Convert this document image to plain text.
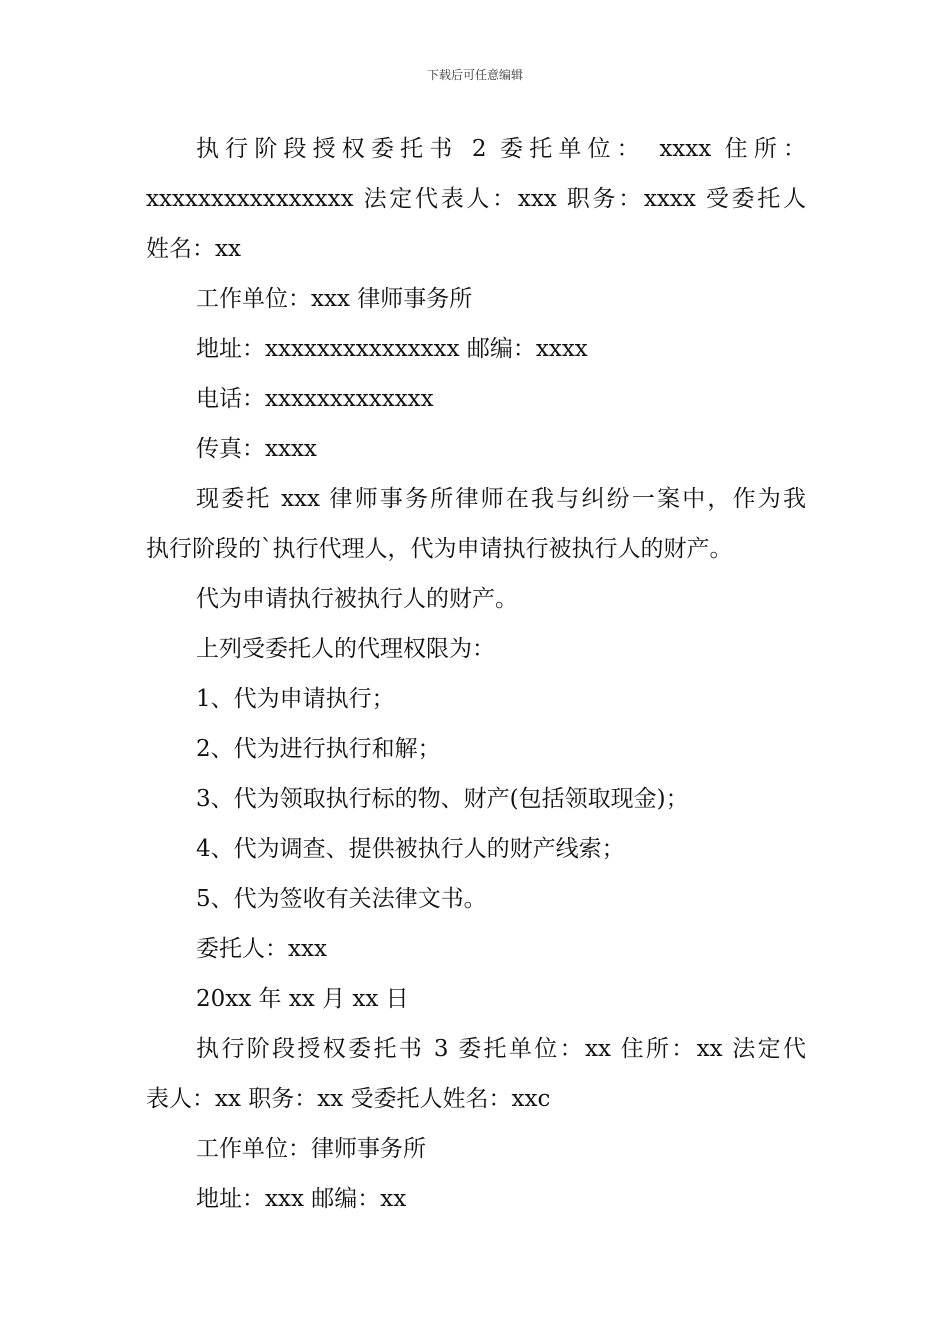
下载后可任意编辑
执行阶段授权委托书 2 委托单位： xxxx 住所：
xxxxxxxxxxxxxxxx 法定代表人：xxx 职务：xxxx 受委托人
姓名：xx
工作单位：xxx 律师事务所
地址：xxxxxxxxxxxxxxx 邮编：xxxx
电话：xxxxxxxxxxxxx
传真：xxxx
现委托 xxx 律师事务所律师在我与纠纷一案中，作为我
执行阶段的`执行代理人，代为申请执行被执行人的财产。
代为申请执行被执行人的财产。
上列受委托人的代理权限为：
1、代为申请执行；
2、代为进行执行和解；
3、代为领取执行标的物、财产(包括领取现金)；
4、代为调查、提供被执行人的财产线索；
5、代为签收有关法律文书。
委托人：xxx
20xx 年 xx 月 xx 日
执行阶段授权委托书 3 委托单位：xx 住所：xx 法定代
表人：xx 职务：xx 受委托人姓名：xxc
工作单位：律师事务所
地址：xxx 邮编：xx
